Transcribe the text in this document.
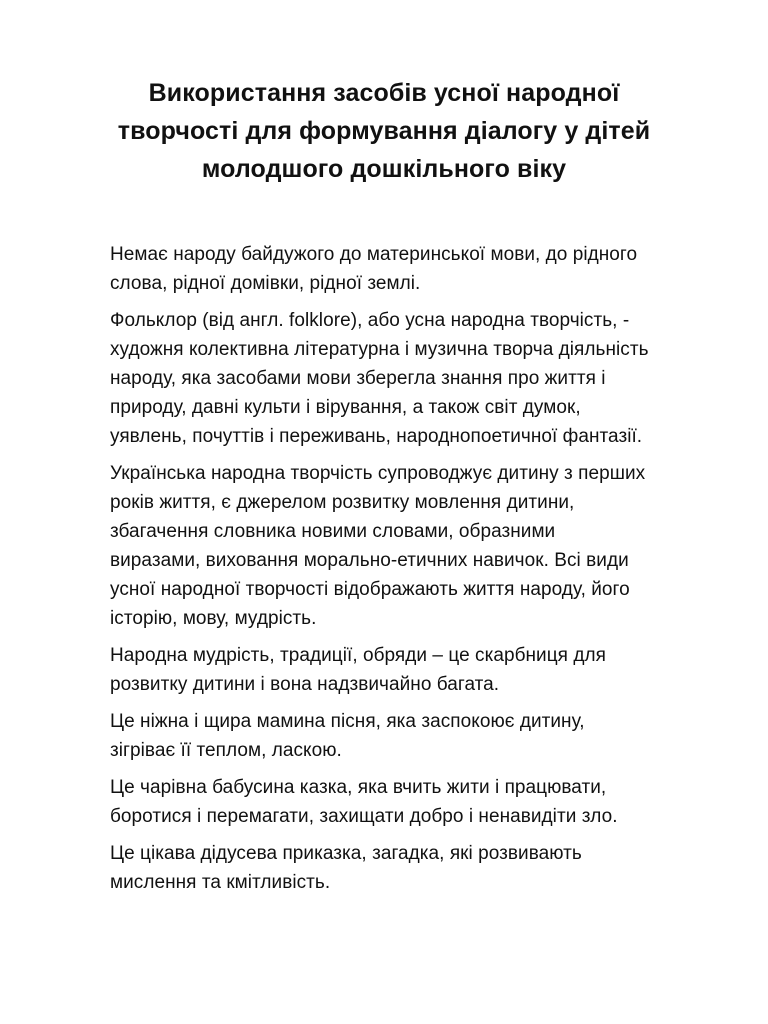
Використання засобів усної народної
творчості для формування діалогу у дітей
молодшого дошкільного віку

Немає народу байдужого до материнської мови, до рідного
слова, рідної домівки, рідної землі.

Фольклор (від англ. folklore), або усна народна творчість, -
художня колективна літературна і музична творча діяльність
народу, яка засобами мови зберегла знання про життя і
природу, давні культи і вірування, а також світ думок,
уявлень, почуттів і переживань, народнопоетичної фантазії.

Українська народна творчість супроводжує дитину з перших
років життя, є джерелом розвитку мовлення дитини,
збагачення словника новими словами, образними
виразами, виховання морально-етичних навичок. Всі види
усної народної творчості відображають життя народу, його
історію, мову, мудрість.

Народна мудрість, традиції, обряди – це скарбниця для
розвитку дитини і вона надзвичайно багата.

Це ніжна і щира мамина пісня, яка заспокоює дитину,
зігріває її теплом, ласкою.

Це чарівна бабусина казка, яка вчить жити і працювати,
боротися і перемагати, захищати добро і ненавидіти зло.

Це цікава дідусева приказка, загадка, які розвивають
мислення та кмітливість.
